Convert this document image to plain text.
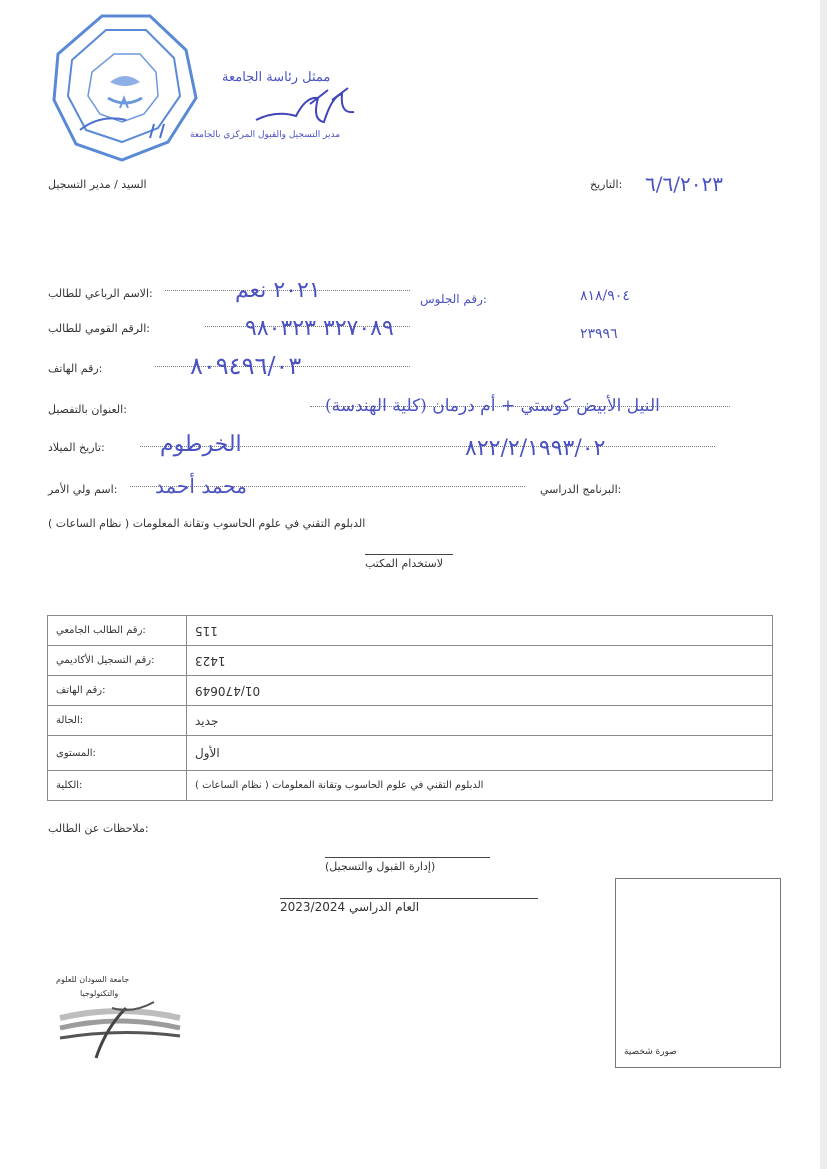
ممثل رئاسة الجامعة
مدير التسجيل والقبول المركزي بالجامعة
السيد / مدير التسجيل	التاريخ: ٦/٦/٢٠٢٣
الاسم الرباعي للطالب:	٢٠٢١ نعم	رقم الجلوس:	٨١٨/٩٠٤
الرقم القومي للطالب:	٣٢٧٠٨٩ ٩٨٠٣٢٣	٢٣٩٩٦
رقم الهاتف:	٨٠٩٤٩٦/٠٣
العنوان بالتفصيل:	(كلية الهندسة) النيل الأبيض كوستي + أم درمان
تاريخ الميلاد:	الخرطوم	٨٢٢/٢/١٩٩٣/٠٢
اسم ولي الأمر: محمد أحمد	البرنامج الدراسي:
( نظام الساعات ) الدبلوم التقني في علوم الحاسوب وتقانة المعلومات
لاستخدام المكتب
رقم الطالب الجامعي:	115
رقم التسجيل الأكاديمي:	1423
رقم الهاتف:	01/470649
الحالة:	جديد
المستوى:	الأول
الكلية:	( نظام الساعات ) الدبلوم التقني في علوم الحاسوب وتقانة المعلومات
ملاحظات عن الطالب:
(إدارة القبول والتسجيل)
العام الدراسي 2023/2024
جامعة السودان للعلوم
والتكنولوجيا
صورة شخصية
